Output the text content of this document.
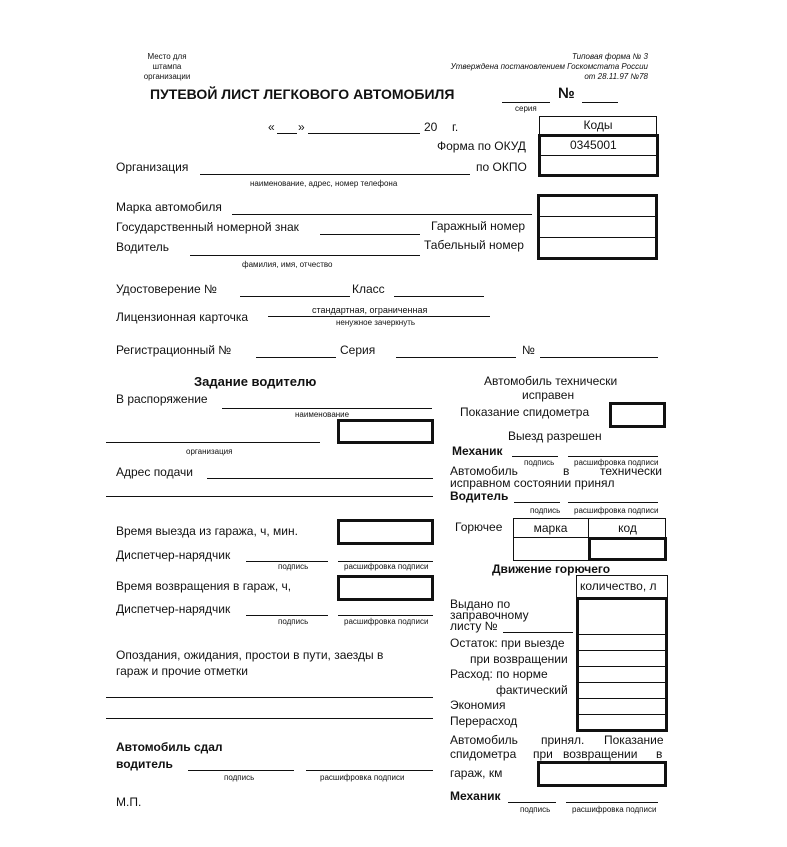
Место для
штампа
организации
Типовая форма № 3
Утверждена постановлением Госкомстата России
от 28.11.97 №78
ПУТЕВОЙ ЛИСТ ЛЕГКОВОГО АВТОМОБИЛЯ	№
серия
« »	20 г.	Коды
Форма по ОКУД	0345001
по ОКПО
Гаражный номер
Табельный номер
Организация
наименование, адрес, номер телефона
Марка автомобиля
Государственный номерной знак
Водитель
фамилия, имя, отчество
Удостоверение №	Класс
Лицензионная карточка	стандартная, ограниченная
ненужное зачеркнуть
Регистрационный №	Серия	№
Задание водителю
В распоряжение
наименование
организация
Адрес подачи
Время выезда из гаража, ч, мин.
Диспетчер-нарядчик
подпись	расшифровка подписи
Время возвращения в гараж, ч,
Диспетчер-нарядчик
подпись	расшифровка подписи
Опоздания, ожидания, простои в пути, заезды в
гараж и прочие отметки
Автомобиль сдал
водитель
подпись	расшифровка подписи
М.П.
Автомобиль технически
исправен
Показание спидометра
Выезд разрешен
Механик
подпись расшифровка подписи
Автомобиль	в	технически
исправном состоянии принял
Водитель
подпись расшифровка подписи
Горючее	марка	код
Движение горючего
количество, л
Выдано по
заправочному
листу №
Остаток: при выезде
при возвращении
Расход: по норме
фактический
Экономия
Перерасход
Автомобиль принял. Показание
спидометра при возвращении в
гараж, км
Механик
подпись	расшифровка подписи
